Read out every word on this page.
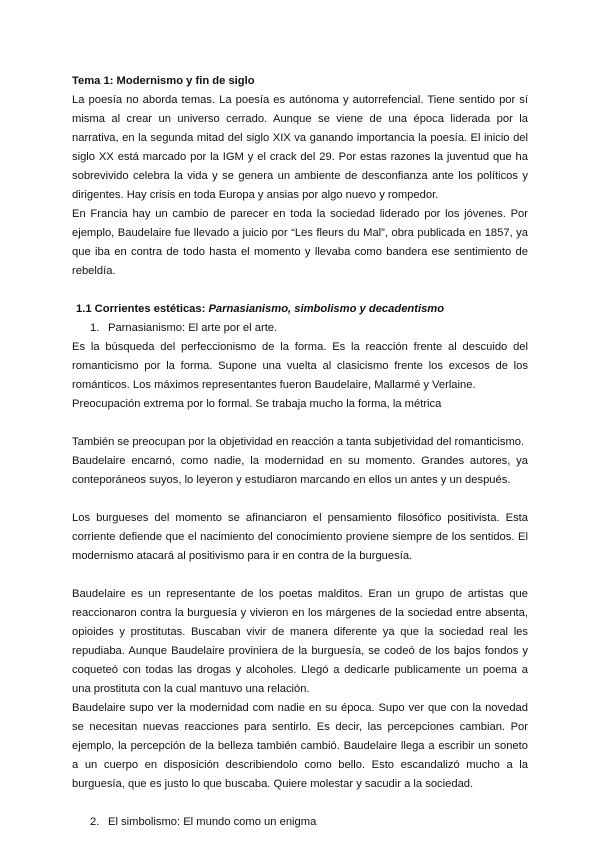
Tema 1: Modernismo y fin de siglo

La poesía no aborda temas. La poesía es autónoma y autorrefencial. Tiene sentido por sí misma al crear un universo cerrado. Aunque se viene de una época liderada por la narrativa, en la segunda mitad del siglo XIX va ganando importancia la poesía. El inicio del siglo XX está marcado por la IGM y el crack del 29. Por estas razones la juventud que ha sobrevivido celebra la vida y se genera un ambiente de desconfianza ante los políticos y dirigentes. Hay crisis en toda Europa y ansias por algo nuevo y rompedor.

En Francia hay un cambio de parecer en toda la sociedad liderado por los jóvenes. Por ejemplo, Baudelaire fue llevado a juicio por “Les fleurs du Mal”, obra publicada en 1857, ya que iba en contra de todo hasta el momento y llevaba como bandera ese sentimiento de rebeldía.

1.1 Corrientes estéticas: Parnasianismo, simbolismo y decadentismo

1. Parnasianismo: El arte por el arte.

Es la búsqueda del perfeccionismo de la forma. Es la reacción frente al descuido del romanticismo por la forma. Supone una vuelta al clasicismo frente los excesos de los románticos. Los máximos representantes fueron Baudelaire, Mallarmé y Verlaine.

Preocupación extrema por lo formal. Se trabaja mucho la forma, la métrica

También se preocupan por la objetividad en reacción a tanta subjetividad del romanticismo.

Baudelaire encarnó, como nadie, la modernidad en su momento. Grandes autores, ya conteporáneos suyos, lo leyeron y estudiaron marcando en ellos un antes y un después.

Los burgueses del momento se afinanciaron el pensamiento filosófico positivista. Esta corriente defiende que el nacimiento del conocimiento proviene siempre de los sentidos. El modernismo atacará al positivismo para ir en contra de la burguesía.

Baudelaire es un representante de los poetas malditos. Eran un grupo de artistas que reaccionaron contra la burguesía y vivieron en los márgenes de la sociedad entre absenta, opioides y prostitutas. Buscaban vivir de manera diferente ya que la sociedad real les repudiaba. Aunque Baudelaire proviniera de la burguesía, se codeó de los bajos fondos y coqueteó con todas las drogas y alcoholes. Llegó a dedicarle publicamente un poema a una prostituta con la cual mantuvo una relación.

Baudelaire supo ver la modernidad com nadie en su época. Supo ver que con la novedad se necesitan nuevas reacciones para sentirlo. Es decir, las percepciones cambian. Por ejemplo, la percepción de la belleza también cambió. Baudelaire llega a escribir un soneto a un cuerpo en disposición describiendolo como bello. Esto escandalizó mucho a la burguesía, que es justo lo que buscaba. Quiere molestar y sacudir a la sociedad.

2. El simbolismo: El mundo como un enigma
